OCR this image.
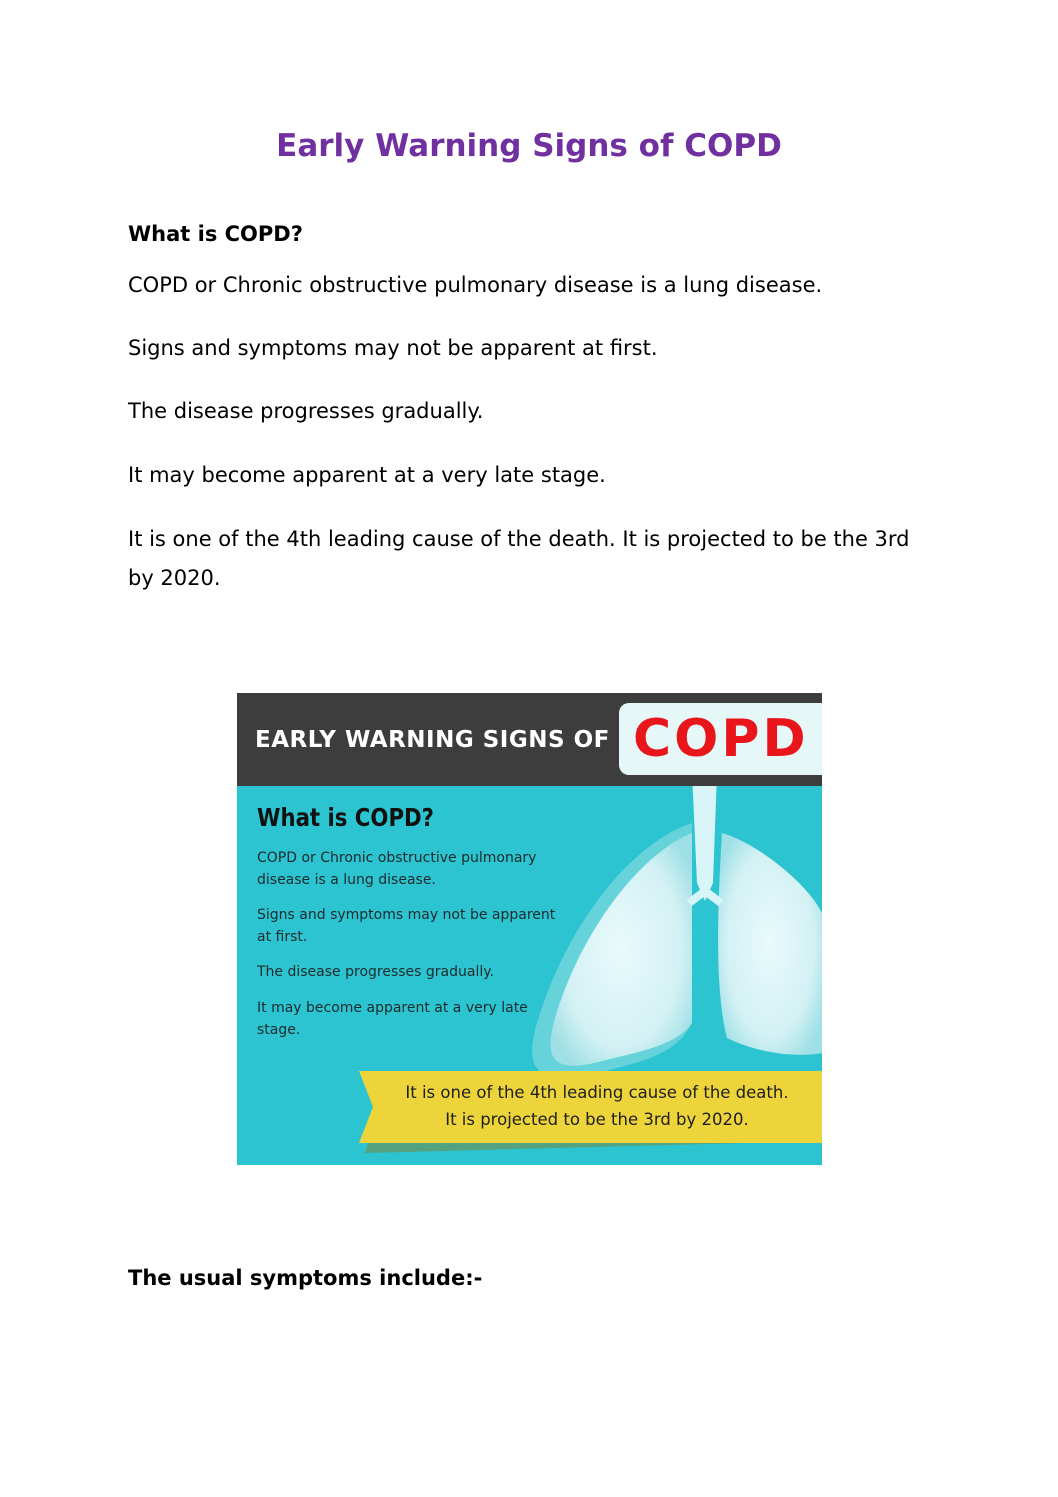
Early Warning Signs of COPD

What is COPD?

COPD or Chronic obstructive pulmonary disease is a lung disease.

Signs and symptoms may not be apparent at first.

The disease progresses gradually.

It may become apparent at a very late stage.

It is one of the 4th leading cause of the death. It is projected to be the 3rd by 2020.

EARLY WARNING SIGNS OF COPD
What is COPD?
COPD or Chronic obstructive pulmonary disease is a lung disease.
Signs and symptoms may not be apparent at first.
The disease progresses gradually.
It may become apparent at a very late stage.
It is one of the 4th leading cause of the death.
It is projected to be the 3rd by 2020.

The usual symptoms include:-
